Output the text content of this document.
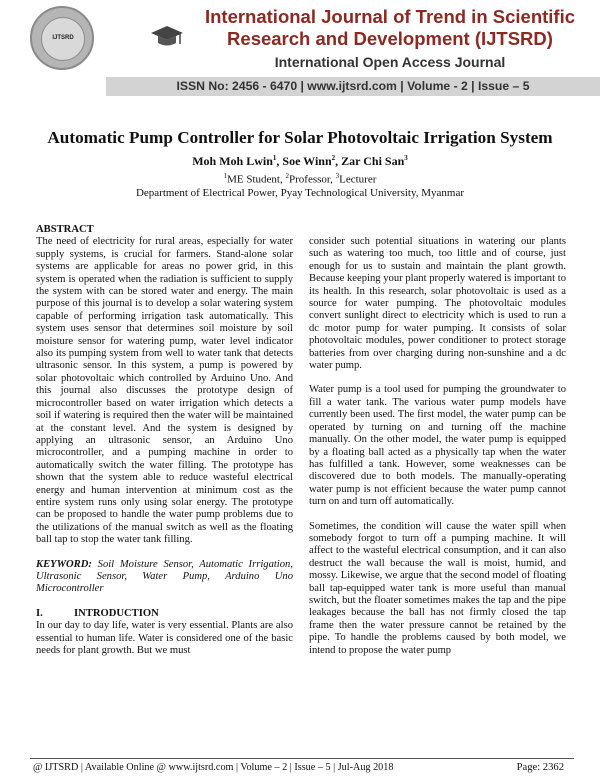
IJTSRD
International Journal of Trend in Scientific
Research and Development (IJTSRD)
International Open Access Journal
ISSN No: 2456 - 6470 | www.ijtsrd.com | Volume - 2 | Issue – 5
Automatic Pump Controller for Solar Photovoltaic Irrigation System
Moh Moh Lwin$^1$, Soe Winn$^2$, Zar Chi San$^3$
$^1$ME Student, $^2$Professor, $^3$Lecturer
Department of Electrical Power, Pyay Technological University, Myanmar
ABSTRACT
The need of electricity for rural areas, especially for water supply systems, is crucial for farmers. Stand-alone solar systems are applicable for areas no power grid, in this system is operated when the radiation is sufficient to supply the system with can be stored water and energy. The main purpose of this journal is to develop a solar watering system capable of performing irrigation task automatically. This system uses sensor that determines soil moisture by soil moisture sensor for watering pump, water level indicator also its pumping system from well to water tank that detects ultrasonic sensor. In this system, a pump is powered by solar photovoltaic which controlled by Arduino Uno. And this journal also discusses the prototype design of microcontroller based on water irrigation which detects a soil if watering is required then the water will be maintained at the constant level. And the system is designed by applying an ultrasonic sensor, an Arduino Uno microcontroller, and a pumping machine in order to automatically switch the water filling. The prototype has shown that the system able to reduce wasteful electrical energy and human intervention at minimum cost as the entire system runs only using solar energy. The prototype can be proposed to handle the water pump problems due to the utilizations of the manual switch as well as the floating ball tap to stop the water tank filling.
KEYWORD: Soil Moisture Sensor, Automatic Irrigation, Ultrasonic Sensor, Water Pump, Arduino Uno Microcontroller
I.	INTRODUCTION
In our day to day life, water is very essential. Plants are also essential to human life. Water is considered one of the basic needs for plant growth. But we must

consider such potential situations in watering our plants such as watering too much, too little and of course, just enough for us to sustain and maintain the plant growth. Because keeping your plant properly watered is important to its health. In this research, solar photovoltaic is used as a source for water pumping. The photovoltaic modules convert sunlight direct to electricity which is used to run a dc motor pump for water pumping. It consists of solar photovoltaic modules, power conditioner to protect storage batteries from over charging during non-sunshine and a dc water pump.

Water pump is a tool used for pumping the groundwater to fill a water tank. The various water pump models have currently been used. The first model, the water pump can be operated by turning on and turning off the machine manually. On the other model, the water pump is equipped by a floating ball acted as a physically tap when the water has fulfilled a tank. However, some weaknesses can be discovered due to both models. The manually-operating water pump is not efficient because the water pump cannot turn on and turn off automatically.

Sometimes, the condition will cause the water spill when somebody forgot to turn off a pumping machine. It will affect to the wasteful electrical consumption, and it can also destruct the wall because the wall is moist, humid, and mossy. Likewise, we argue that the second model of floating ball tap-equipped water tank is more useful than manual switch, but the floater sometimes makes the tap and the pipe leakages because the ball has not firmly closed the tap frame then the water pressure cannot be retained by the pipe. To handle the problems caused by both model, we intend to propose the water pump

@ IJTSRD | Available Online @ www.ijtsrd.com | Volume – 2 | Issue – 5 | Jul-Aug 2018	Page: 2362
